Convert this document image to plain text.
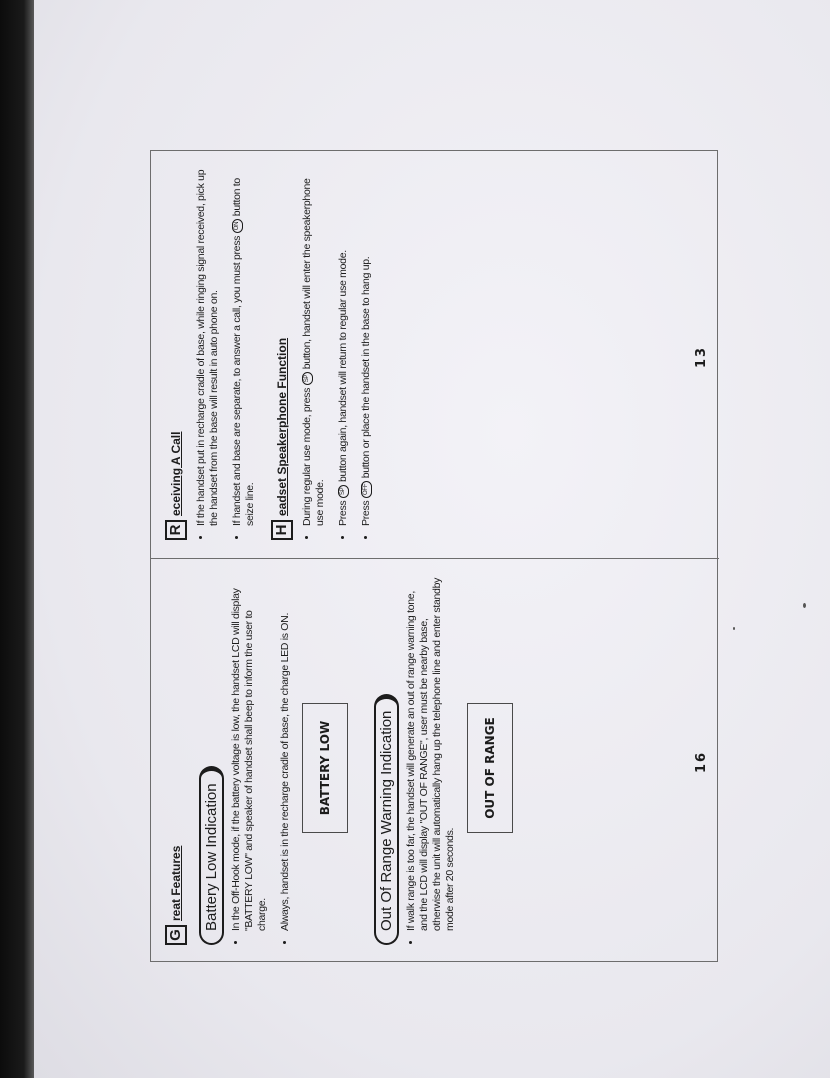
G
reat Features Battery Low Indication • In the Off-Hook mode, if the battery voltage is low, the handset LCD will display "BATTERY LOW" and speaker of handset shall beep to inform the user to charge. • Always, handset is in the recharge cradle of base, the charge LED is ON.	BATTERY LOW	Out Of Range Warning Indication • If walk range is too far, the handset will generate an out of range warning tone, and the LCD will display "OUT OF RANGE", user must be nearby base, otherwise the unit will automatically hang up the telephone line and enter standby mode after 20 seconds.
OUT OF RANGE	16
R
eceiving A Call • If the handset put in recharge cradle of base, while ringing signal received, pick up the handset from the base will result in auto phone on. • If handset and base are separate, to answer a call, you must press ON button to seize line.
H
eadset Speakerphone Function • During regular use mode, press SP button, handset will enter the speakerphone use mode. • Press SP button again, handset will return to regular use mode.
• Press OFF button or place the handset in the base to hang up.	13
